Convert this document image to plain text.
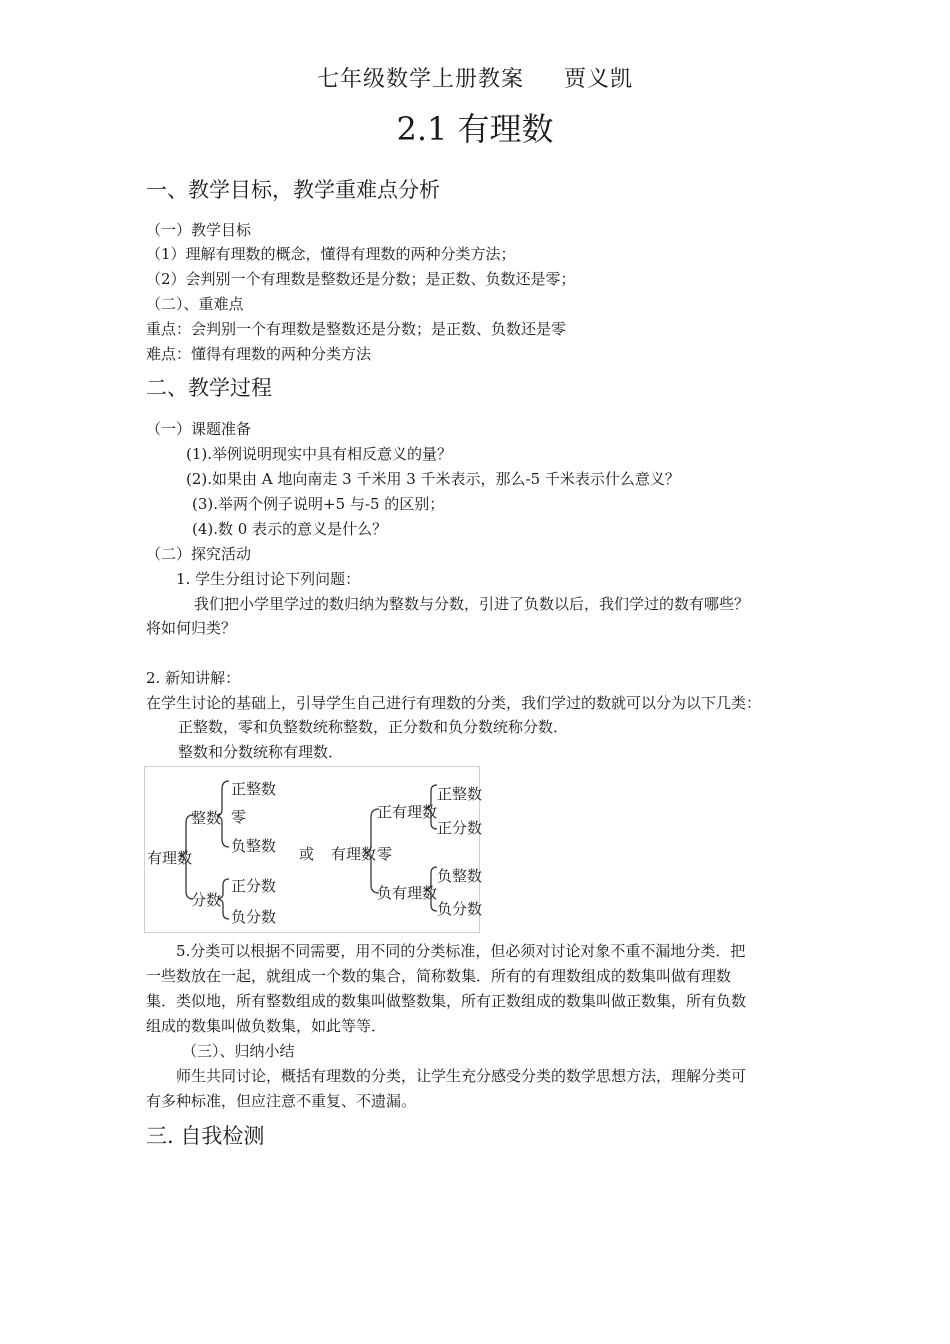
七年级数学上册教案 贾义凯
2.1 有理数
一、教学目标，教学重难点分析
（一）教学目标
（1）理解有理数的概念，懂得有理数的两种分类方法；
（2）会判别一个有理数是整数还是分数；是正数、负数还是零；
（二）、重难点
重点：会判别一个有理数是整数还是分数；是正数、负数还是零
难点：懂得有理数的两种分类方法
二、教学过程
（一）课题准备
(1).举例说明现实中具有相反意义的量？
(2).如果由 A 地向南走 3 千米用 3 千米表示，那么-5 千米表示什么意义？
(3).举两个例子说明+5 与-5 的区别；
(4).数 0 表示的意义是什么？
（二）探究活动
1. 学生分组讨论下列问题：
我们把小学里学过的数归纳为整数与分数，引进了负数以后，我们学过的数有哪些？
将如何归类？
2. 新知讲解：
在学生讨论的基础上，引导学生自己进行有理数的分类，我们学过的数就可以分为以下几类：
正整数，零和负整数统称整数，正分数和负分数统称分数．
整数和分数统称有理数．
有理数
整数
分数
正整数
零
负整数
正分数
负分数
或 有理数
正有理数
零
负有理数
正整数
正分数
负整数
负分数
5.分类可以根据不同需要，用不同的分类标准，但必须对讨论对象不重不漏地分类．把
一些数放在一起，就组成一个数的集合，简称数集．所有的有理数组成的数集叫做有理数
集．类似地，所有整数组成的数集叫做整数集，所有正数组成的数集叫做正数集，所有负数
组成的数集叫做负数集，如此等等．
（三）、归纳小结
师生共同讨论，概括有理数的分类，让学生充分感受分类的数学思想方法，理解分类可
有多种标准，但应注意不重复、不遗漏。
三. 自我检测
